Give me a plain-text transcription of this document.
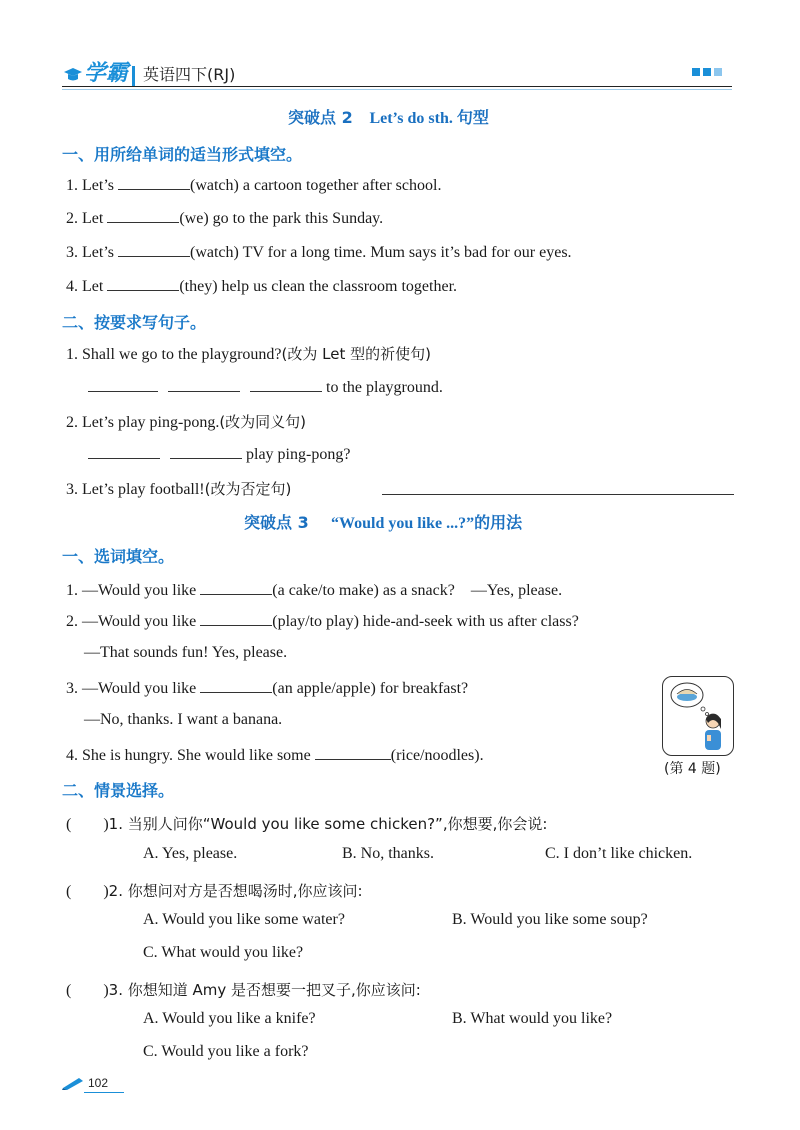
学霸 英语四下(RJ)
突破点 2 Let’s do sth. 句型
一、用所给单词的适当形式填空。
1. Let’s	(watch) a cartoon together after school.
2. Let	(we) go to the park this Sunday.
3. Let’s	(watch) TV for a long time. Mum says it’s bad for our eyes.
4. Let	(they) help us clean the classroom together.
二、按要求写句子。
1. Shall we go to the playground?(改为 Let 型的祈使句)
to the playground.
2. Let’s play ping-pong.(改为同义句)
play ping-pong?
3. Let’s play football!(改为否定句)
突破点 3 “Would you like ...?”的用法
一、选词填空。
1. —Would you like	(a cake/to make) as a snack?　—Yes, please.
2. —Would you like	(play/to play) hide-and-seek with us after class?
—That sounds fun! Yes, please.
3. —Would you like	(an apple/apple) for breakfast?
—No, thanks. I want a banana.
4. She is hungry. She would like some	(rice/noodles).
(第 4 题)
二、情景选择。
(　　)1. 当别人问你“Would you like some chicken?”,你想要,你会说:
A. Yes, please.	B. No, thanks.	C. I don’t like chicken.
(　　)2. 你想问对方是否想喝汤时,你应该问:
A. Would you like some water?	B. Would you like some soup?
C. What would you like?
(　　)3. 你想知道 Amy 是否想要一把叉子,你应该问:
A. Would you like a knife?	B. What would you like?
C. Would you like a fork?
102
